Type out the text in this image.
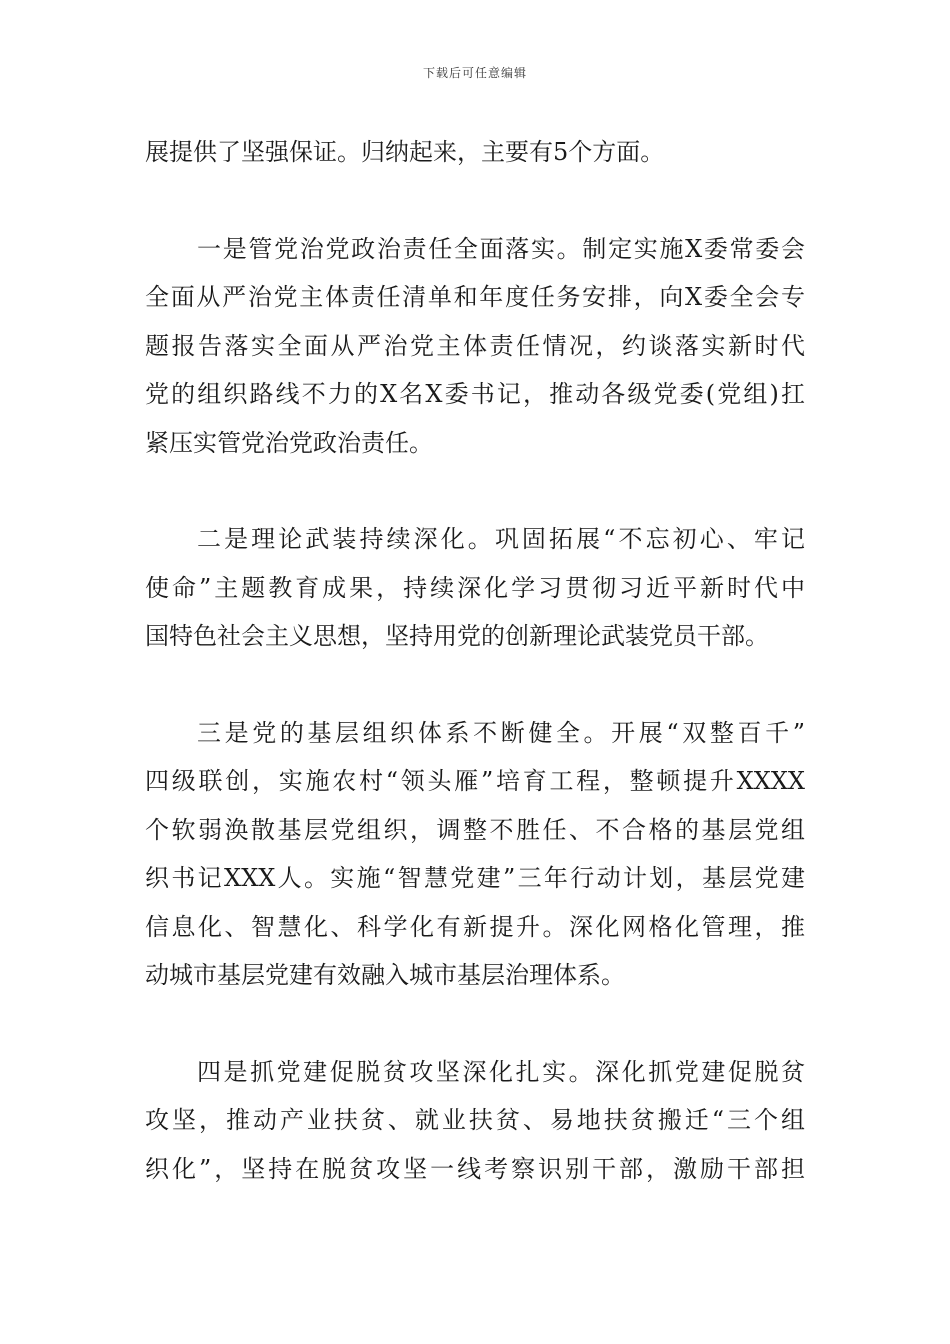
下载后可任意编辑
展提供了坚强保证。归纳起来，主要有5个方面。
一是管党治党政治责任全面落实。制定实施X委常委会
全面从严治党主体责任清单和年度任务安排，向X委全会专
题报告落实全面从严治党主体责任情况，约谈落实新时代
党的组织路线不力的X名X委书记，推动各级党委(党组)扛
紧压实管党治党政治责任。
二是理论武装持续深化。巩固拓展“不忘初心、牢记
使命”主题教育成果，持续深化学习贯彻习近平新时代中
国特色社会主义思想，坚持用党的创新理论武装党员干部。
三是党的基层组织体系不断健全。开展“双整百千”
四级联创，实施农村“领头雁”培育工程，整顿提升XXXX
个软弱涣散基层党组织，调整不胜任、不合格的基层党组
织书记XXX人。实施“智慧党建”三年行动计划，基层党建
信息化、智慧化、科学化有新提升。深化网格化管理，推
动城市基层党建有效融入城市基层治理体系。
四是抓党建促脱贫攻坚深化扎实。深化抓党建促脱贫
攻坚，推动产业扶贫、就业扶贫、易地扶贫搬迁“三个组
织化”，坚持在脱贫攻坚一线考察识别干部，激励干部担
